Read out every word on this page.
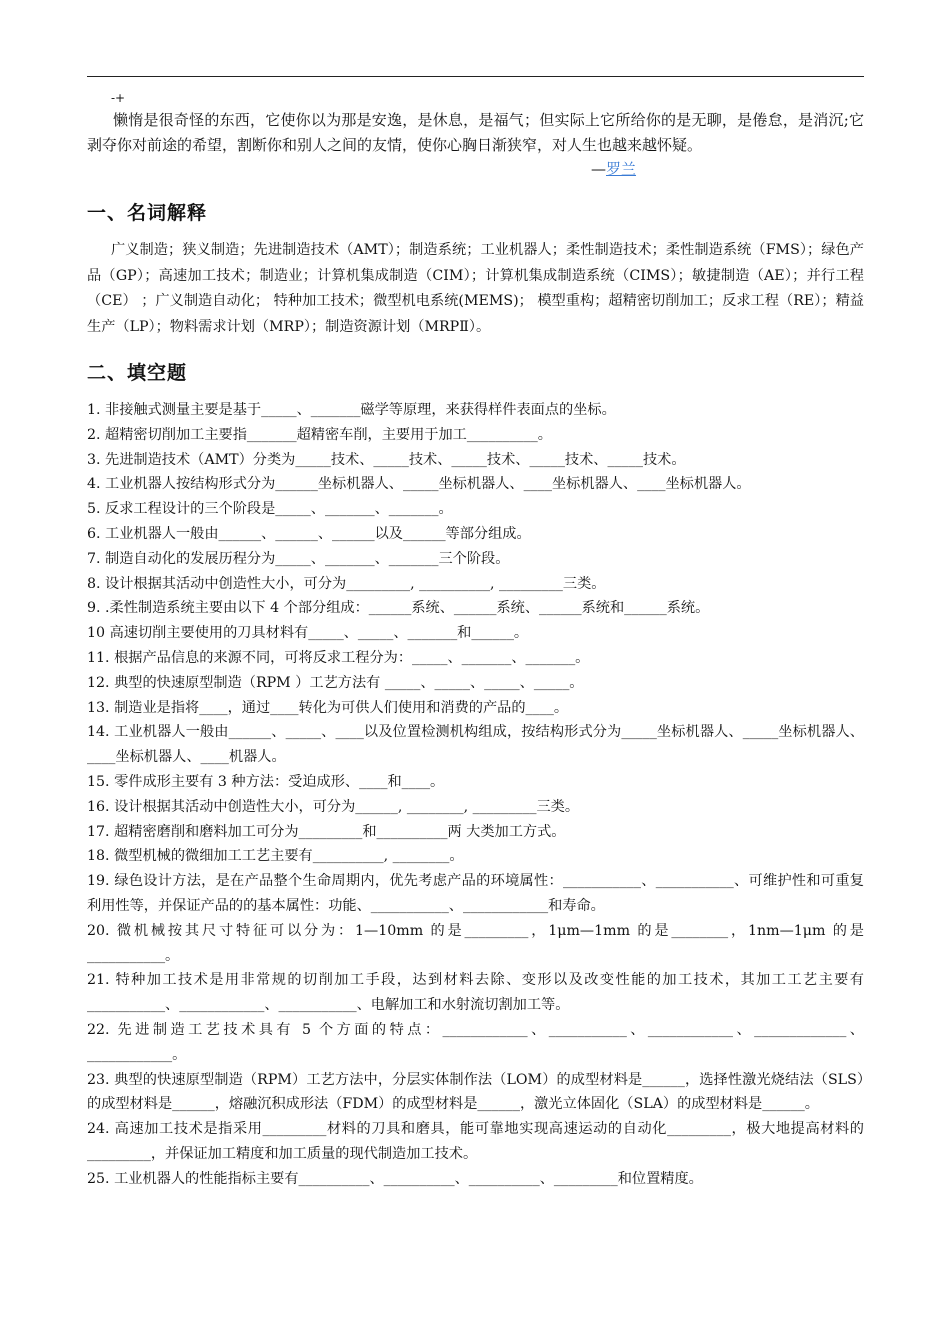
-+

懒惰是很奇怪的东西，它使你以为那是安逸，是休息，是福气；但实际上它所给你的是无聊，是倦怠，是消沉;它剥夺你对前途的希望，割断你和别人之间的友情，使你心胸日渐狭窄，对人生也越来越怀疑。

—罗兰
一、名词解释

广义制造；狭义制造；先进制造技术（AMT）；制造系统；工业机器人；柔性制造技术；柔性制造系统（FMS）；绿色产品（GP）；高速加工技术；制造业；计算机集成制造（CIM）；计算机集成制造系统（CIMS）；敏捷制造（AE）；并行工程（CE） ；广义制造自动化； 特种加工技术；微型机电系统(MEMS)； 模型重构；超精密切削加工；反求工程（RE）；精益生产（LP）；物料需求计划（MRP）；制造资源计划（MRPⅡ）。

二、填空题

1. 非接触式测量主要是基于_____、_______磁学等原理，来获得样件表面点的坐标。

2. 超精密切削加工主要指_______超精密车削，主要用于加工__________。

3. 先进制造技术（AMT）分类为_____技术、_____技术、_____技术、_____技术、_____技术。

4. 工业机器人按结构形式分为______坐标机器人、_____坐标机器人、____坐标机器人、____坐标机器人。

5. 反求工程设计的三个阶段是_____、_______、_______。

6. 工业机器人一般由______、______、______以及______等部分组成。

7. 制造自动化的发展历程分为_____、_______、_______三个阶段。

8. 设计根据其活动中创造性大小，可分为_________, __________, _________三类。

9. .柔性制造系统主要由以下 4 个部分组成：______系统、______系统、______系统和______系统。

10 高速切削主要使用的刀具材料有_____、_____、_______和______。

11. 根据产品信息的来源不同，可将反求工程分为：_____、_______、_______。

12. 典型的快速原型制造（RPM ）工艺方法有 _____、_____、_____、_____。

13. 制造业是指将____，通过____转化为可供人们使用和消费的产品的____。

14. 工业机器人一般由______、_____、____以及位置检测机构组成，按结构形式分为_____坐标机器人、_____坐标机器人、____坐标机器人、____机器人。

15. 零件成形主要有 3 种方法：受迫成形、____和____。

16. 设计根据其活动中创造性大小，可分为______, ________, _________三类。

17. 超精密磨削和磨料加工可分为_________和__________两 大类加工方式。

18. 微型机械的微细加工工艺主要有__________, ________。

19. 绿色设计方法，是在产品整个生命周期内，优先考虑产品的环境属性：___________、___________、可维护性和可重复利用性等，并保证产品的的基本属性：功能、___________、____________和寿命。

20. 微机械按其尺寸特征可以分为：1—10mm 的是_________，1μm—1mm 的是________，1nm—1μm 的是___________。

21. 特种加工技术是用非常规的切削加工手段，达到材料去除、变形以及改变性能的加工技术，其加工工艺主要有___________、____________、___________、电解加工和水射流切割加工等。

22. 先进制造工艺技术具有 5 个方面的特点：____________、___________、____________、_____________、____________。

23. 典型的快速原型制造（RPM）工艺方法中，分层实体制作法（LOM）的成型材料是______，选择性激光烧结法（SLS）的成型材料是______，熔融沉积成形法（FDM）的成型材料是______，激光立体固化（SLA）的成型材料是______。

24. 高速加工技术是指采用_________材料的刀具和磨具，能可靠地实现高速运动的自动化_________，极大地提高材料的_________，并保证加工精度和加工质量的现代制造加工技术。

25. 工业机器人的性能指标主要有__________、__________、__________、_________和位置精度。
